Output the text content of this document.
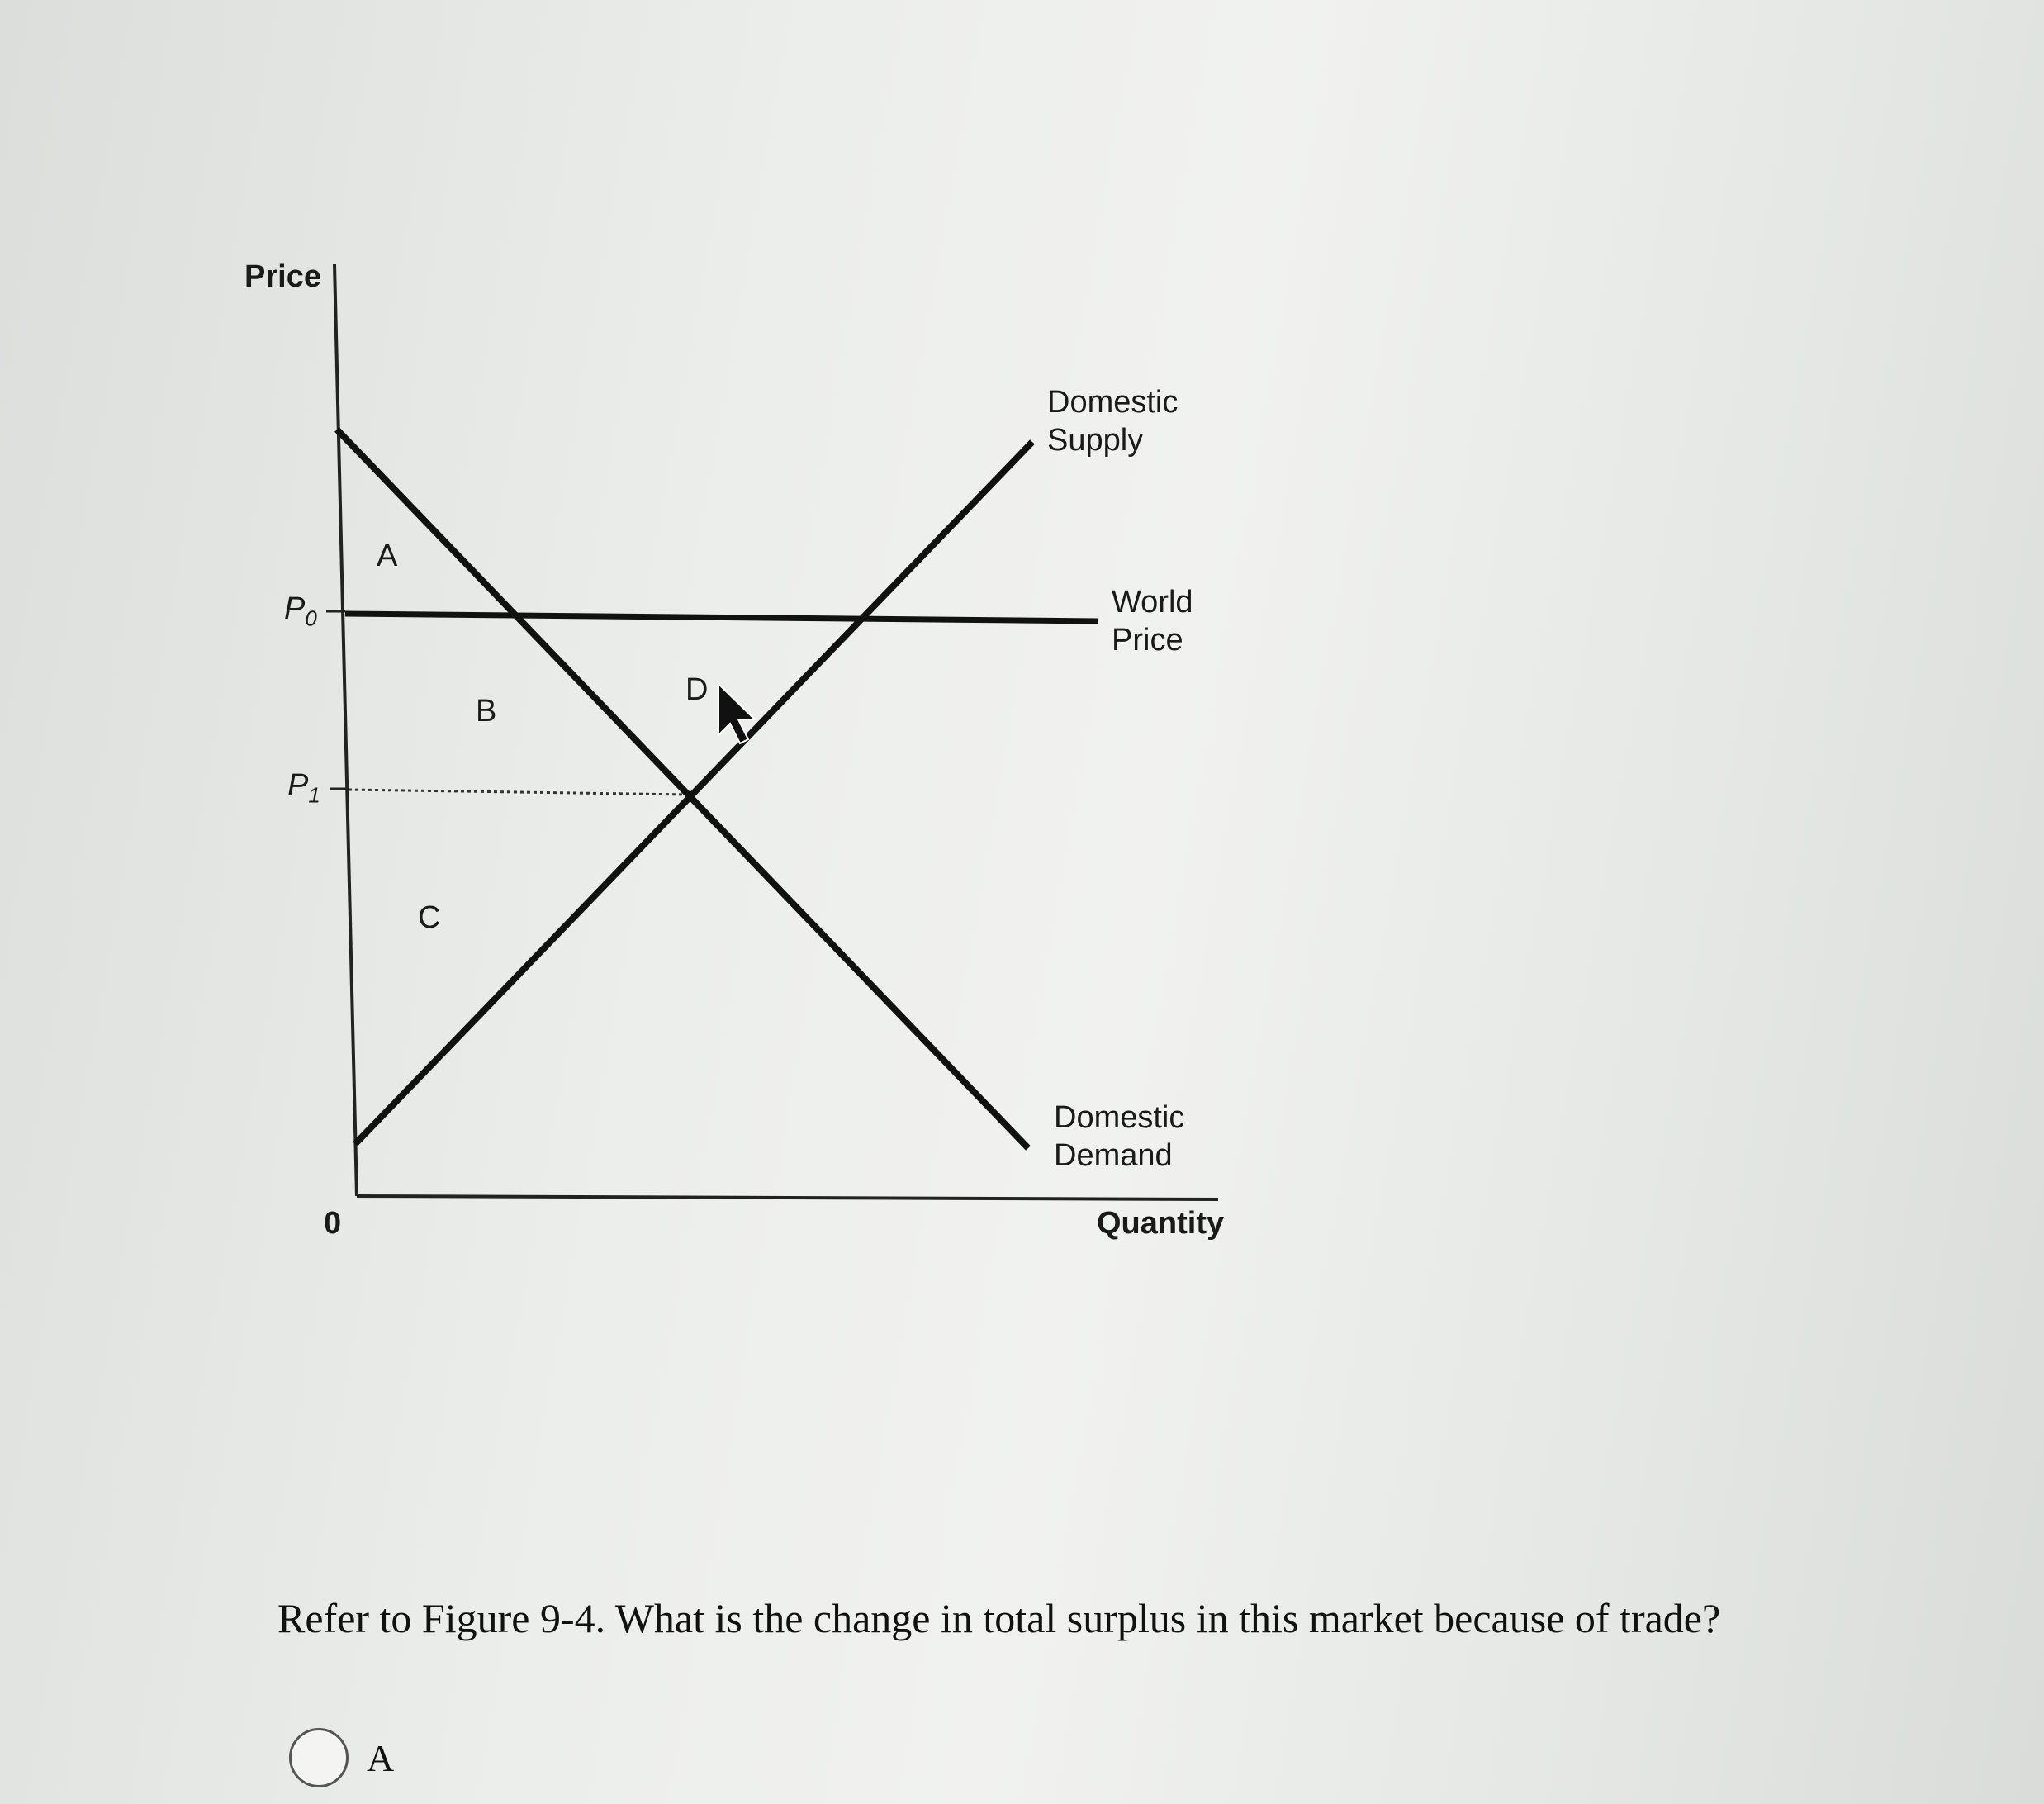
Price
Quantity
0
$P_0$
$P_1$
Domestic
Supply
World
Price
Domestic
Demand
A
B
C
D
Refer to Figure 9-4. What is the change in total surplus in this market because of trade?
A
